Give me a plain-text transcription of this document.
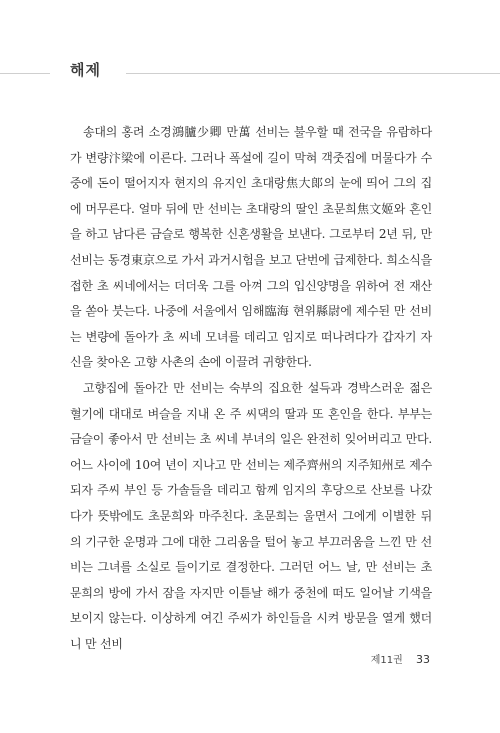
해제

송대의 홍려 소경鴻臚少卿 만萬 선비는 불우할 때 전국을 유람하다가 변량汴梁에 이른다. 그러나 폭설에 길이 막혀 객줏집에 머물다가 수중에 돈이 떨어지자 현지의 유지인 초대랑焦大郞의 눈에 띄어 그의 집에 머무른다. 얼마 뒤에 만 선비는 초대랑의 딸인 초문희焦文姬와 혼인을 하고 남다른 금슬로 행복한 신혼생활을 보낸다. 그로부터 2년 뒤, 만 선비는 동경東京으로 가서 과거시험을 보고 단번에 급제한다. 희소식을 접한 초 씨네에서는 더더욱 그를 아껴 그의 입신양명을 위하여 전 재산을 쏟아 붓는다. 나중에 서울에서 임해臨海 현위縣尉에 제수된 만 선비는 변량에 돌아가 초 씨네 모녀를 데리고 임지로 떠나려다가 갑자기 자신을 찾아온 고향 사촌의 손에 이끌려 귀향한다.

고향집에 돌아간 만 선비는 숙부의 집요한 설득과 경박스러운 젊은 혈기에 대대로 벼슬을 지내 온 주 씨댁의 딸과 또 혼인을 한다. 부부는 금슬이 좋아서 만 선비는 초 씨네 부녀의 일은 완전히 잊어버리고 만다. 어느 사이에 10여 년이 지나고 만 선비는 제주齊州의 지주知州로 제수되자 주씨 부인 등 가솔들을 데리고 함께 임지의 후당으로 산보를 나갔다가 뜻밖에도 초문희와 마주친다. 초문희는 울면서 그에게 이별한 뒤의 기구한 운명과 그에 대한 그리움을 털어 놓고 부끄러움을 느낀 만 선비는 그녀를 소실로 들이기로 결정한다. 그러던 어느 날, 만 선비는 초문희의 방에 가서 잠을 자지만 이튿날 해가 중천에 떠도 일어날 기색을 보이지 않는다. 이상하게 여긴 주씨가 하인들을 시켜 방문을 열게 했더니 만 선비

제11권 33
